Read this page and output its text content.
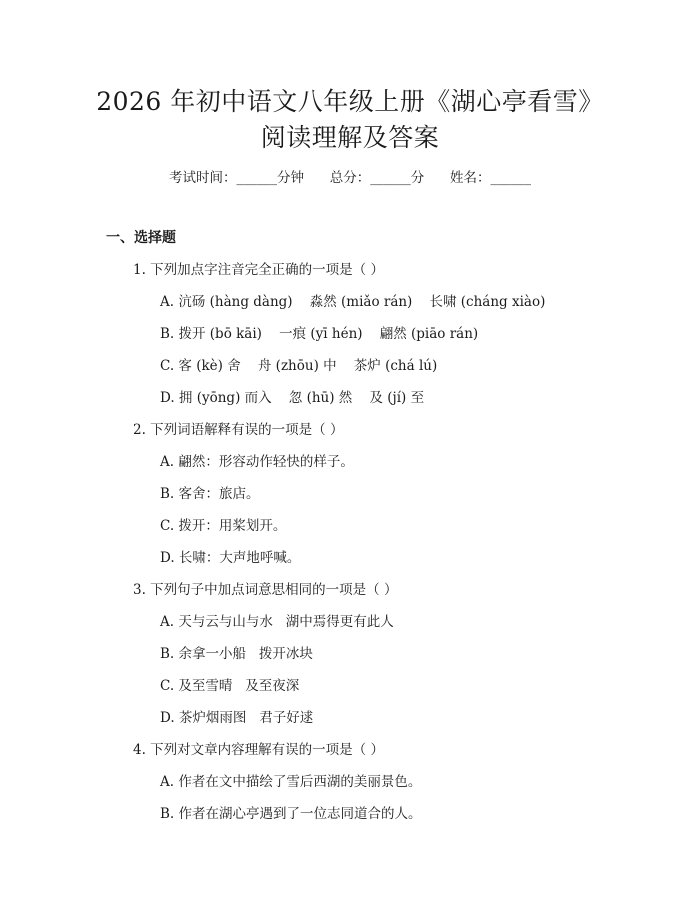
2026 年初中语文八年级上册《湖心亭看雪》
阅读理解及答案
考试时间：______分钟      总分：______分      姓名：______
一、选择题
1. 下列加点字注音完全正确的一项是（ ）
A. 沆砀 (hàng dàng)    淼然 (miǎo rán)    长啸 (cháng xiào)
B. 拨开 (bō kāi)    一痕 (yī hén)    翩然 (piāo rán)
C. 客 (kè) 舍    舟 (zhōu) 中    茶炉 (chá lú)
D. 拥 (yōng) 而入    忽 (hū) 然    及 (jí) 至
2. 下列词语解释有误的一项是（ ）
A. 翩然：形容动作轻快的样子。
B. 客舍：旅店。
C. 拨开：用桨划开。
D. 长啸：大声地呼喊。
3. 下列句子中加点词意思相同的一项是（ ）
A. 天与云与山与水   湖中焉得更有此人
B. 余拿一小船   拨开冰块
C. 及至雪晴   及至夜深
D. 茶炉烟雨图   君子好逑
4. 下列对文章内容理解有误的一项是（ ）
A. 作者在文中描绘了雪后西湖的美丽景色。
B. 作者在湖心亭遇到了一位志同道合的人。
